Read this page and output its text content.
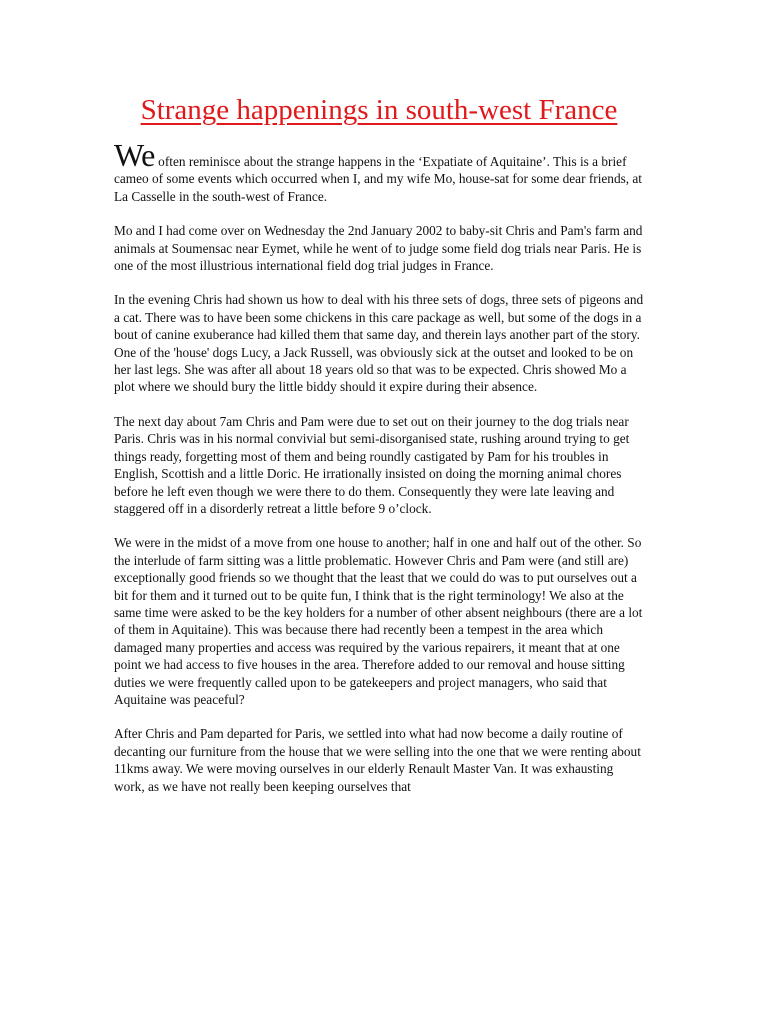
Strange happenings in south-west France

We often reminisce about the strange happens in the ‘Expatiate of Aquitaine’. This is a brief cameo of some events which occurred when I, and my wife Mo, house-sat for some dear friends, at La Casselle in the south-west of France.

Mo and I had come over on Wednesday the 2nd January 2002 to baby-sit Chris and Pam's farm and animals at Soumensac near Eymet, while he went of to judge some field dog trials near Paris. He is one of the most illustrious international field dog trial judges in France.

In the evening Chris had shown us how to deal with his three sets of dogs, three sets of pigeons and a cat. There was to have been some chickens in this care package as well, but some of the dogs in a bout of canine exuberance had killed them that same day, and therein lays another part of the story. One of the 'house' dogs Lucy, a Jack Russell, was obviously sick at the outset and looked to be on her last legs. She was after all about 18 years old so that was to be expected. Chris showed Mo a plot where we should bury the little biddy should it expire during their absence.

The next day about 7am Chris and Pam were due to set out on their journey to the dog trials near Paris. Chris was in his normal convivial but semi-disorganised state, rushing around trying to get things ready, forgetting most of them and being roundly castigated by Pam for his troubles in English, Scottish and a little Doric. He irrationally insisted on doing the morning animal chores before he left even though we were there to do them. Consequently they were late leaving and staggered off in a disorderly retreat a little before 9 o’clock.

We were in the midst of a move from one house to another; half in one and half out of the other. So the interlude of farm sitting was a little problematic. However Chris and Pam were (and still are) exceptionally good friends so we thought that the least that we could do was to put ourselves out a bit for them and it turned out to be quite fun, I think that is the right terminology! We also at the same time were asked to be the key holders for a number of other absent neighbours (there are a lot of them in Aquitaine). This was because there had recently been a tempest in the area which damaged many properties and access was required by the various repairers, it meant that at one point we had access to five houses in the area. Therefore added to our removal and house sitting duties we were frequently called upon to be gatekeepers and project managers, who said that Aquitaine was peaceful?

After Chris and Pam departed for Paris, we settled into what had now become a daily routine of decanting our furniture from the house that we were selling into the one that we were renting about 11kms away. We were moving ourselves in our elderly Renault Master Van. It was exhausting work, as we have not really been keeping ourselves that
